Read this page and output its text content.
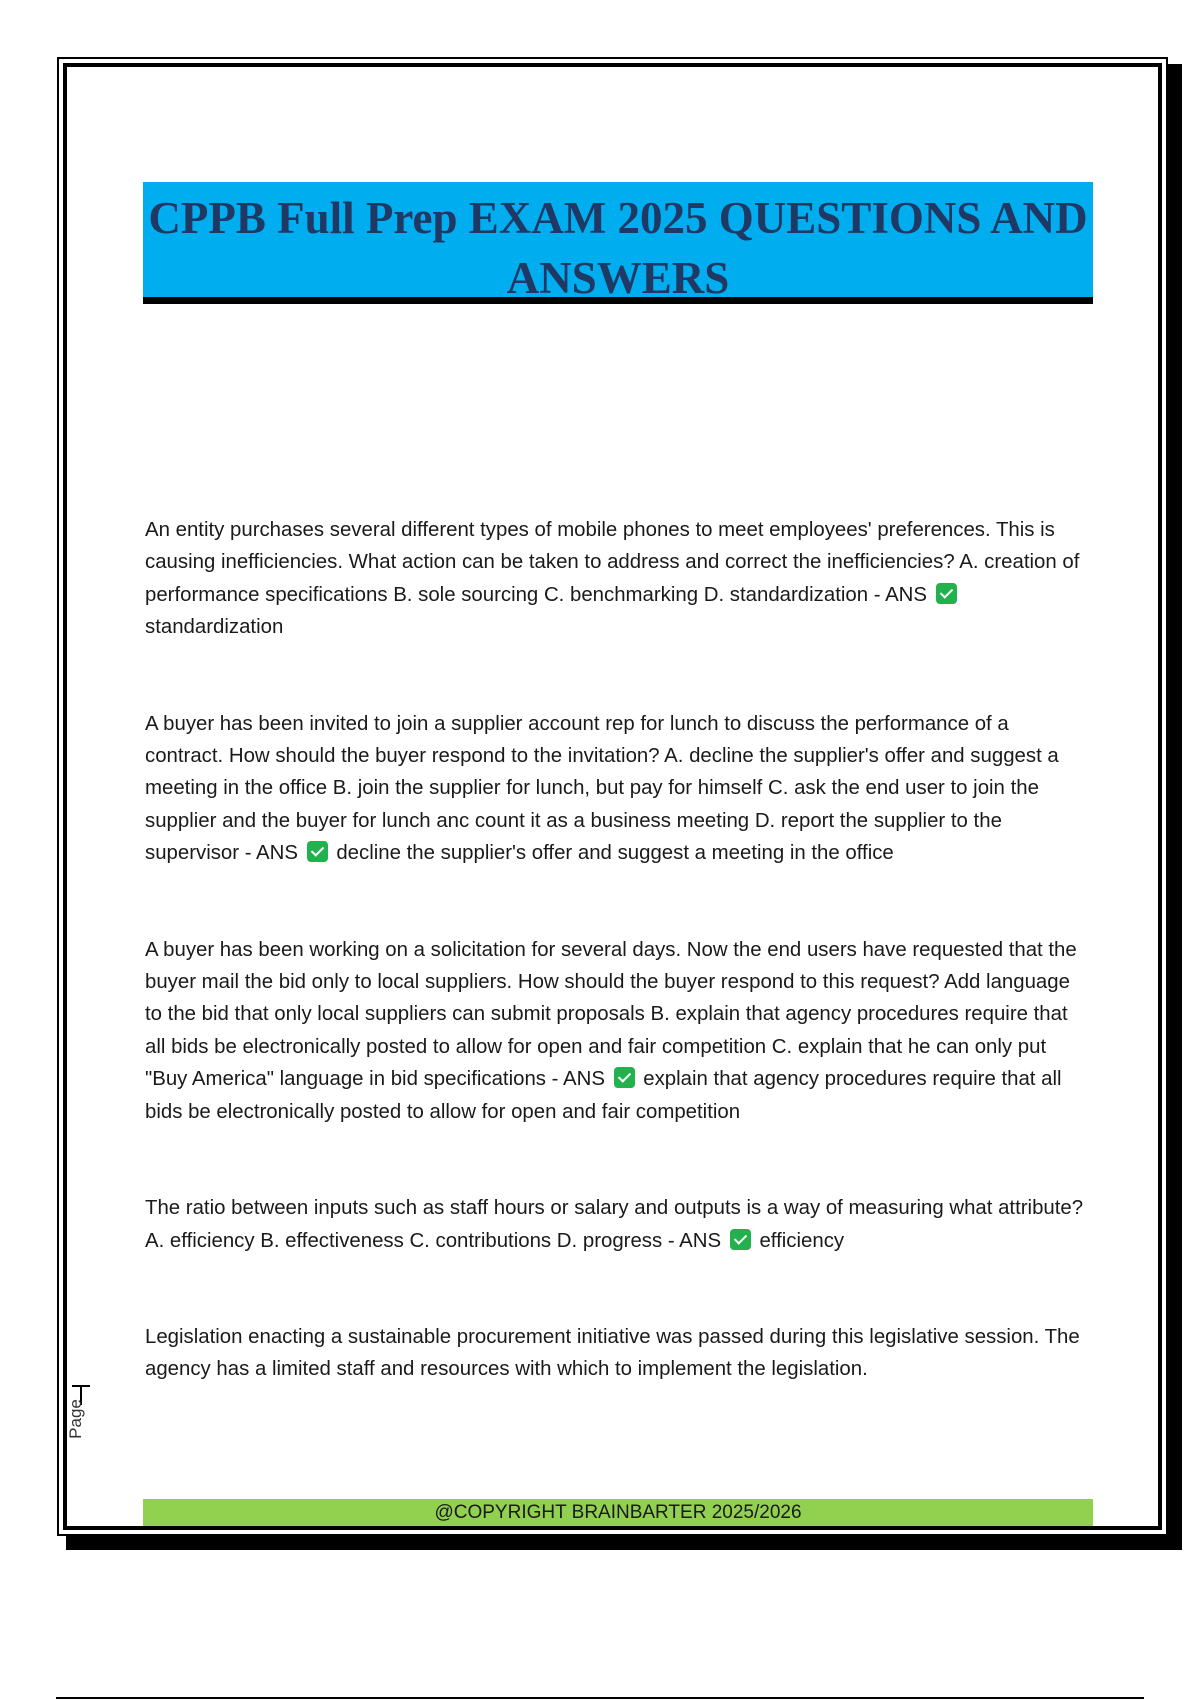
CPPB Full Prep EXAM 2025 QUESTIONS AND ANSWERS

An entity purchases several different types of mobile phones to meet employees' preferences. This is causing inefficiencies. What action can be taken to address and correct the inefficiencies? A. creation of performance specifications B. sole sourcing C. benchmarking D. standardization - ANS  standardization

A buyer has been invited to join a supplier account rep for lunch to discuss the performance of a contract. How should the buyer respond to the invitation? A. decline the supplier's offer and suggest a meeting in the office B. join the supplier for lunch, but pay for himself C. ask the end user to join the supplier and the buyer for lunch anc count it as a business meeting D. report the supplier to the supervisor - ANS decline the supplier's offer and suggest a meeting in the office

A buyer has been working on a solicitation for several days. Now the end users have requested that the buyer mail the bid only to local suppliers. How should the buyer respond to this request? Add language to the bid that only local suppliers can submit proposals B. explain that agency procedures require that all bids be electronically posted to allow for open and fair competition C. explain that he can only put "Buy America" language in bid specifications - ANS explain that agency procedures require that all bids be electronically posted to allow for open and fair competition

The ratio between inputs such as staff hours or salary and outputs is a way of measuring what attribute? A. efficiency B. effectiveness C. contributions D. progress - ANS efficiency

Legislation enacting a sustainable procurement initiative was passed during this legislative session. The agency has a limited staff and resources with which to implement the legislation.

Page
@COPYRIGHT BRAINBARTER 2025/2026
